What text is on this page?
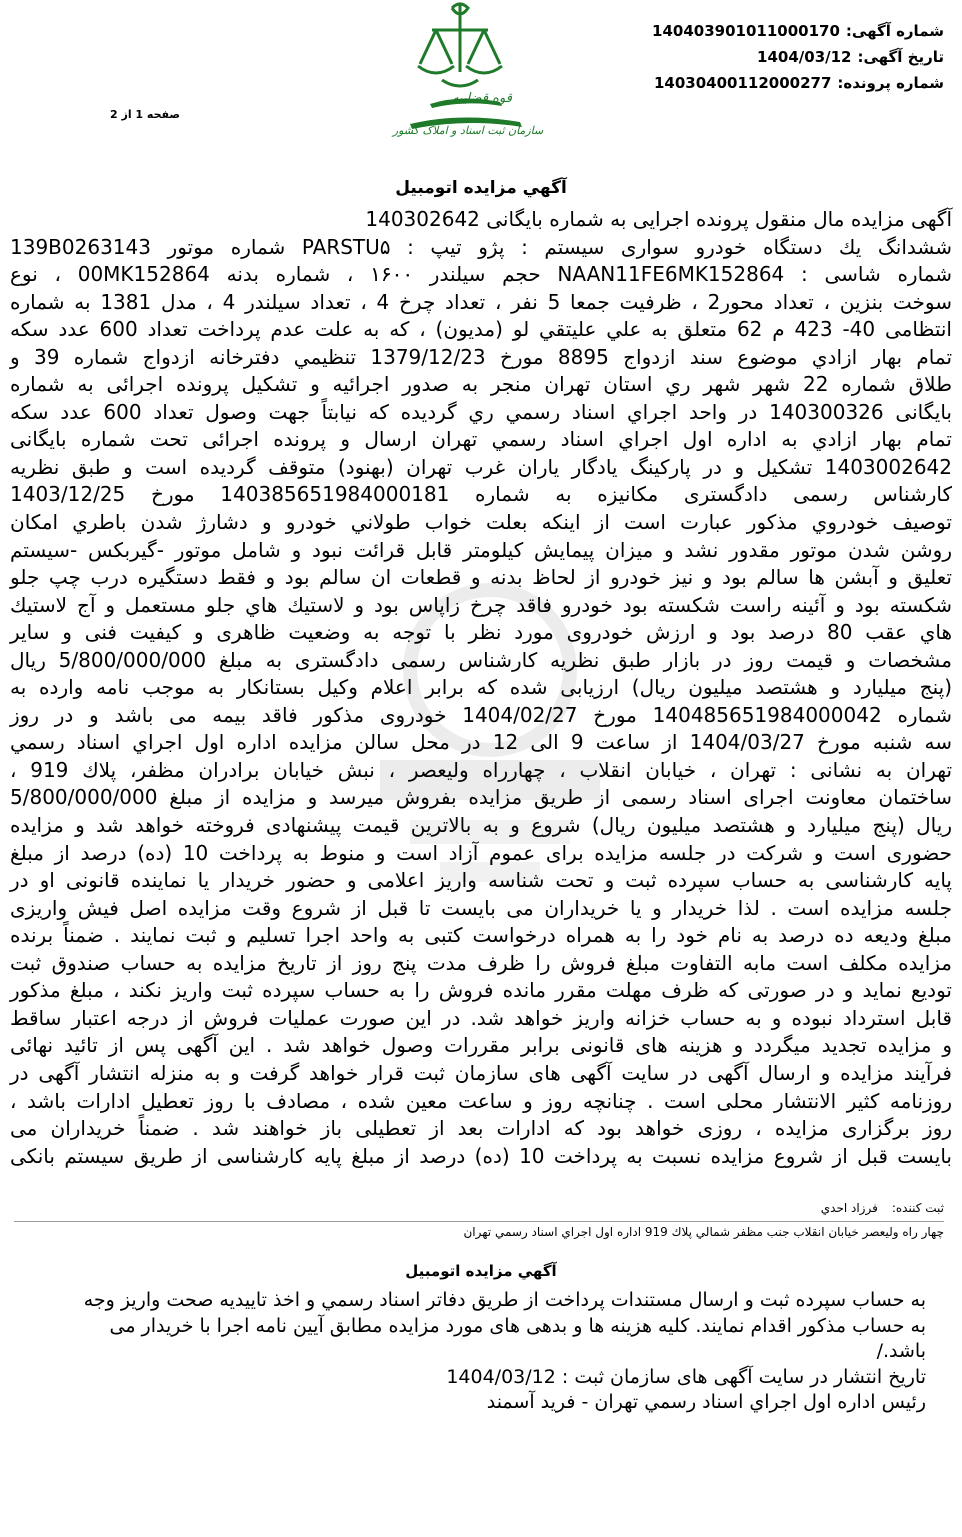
شماره آگهی:
14040390101100017​0
تاریخ آگهی:
1404/03/12
شماره پرونده:
14030400112000277
قوه قضاييه
سازمان ثبت اسناد و املاک کشور
صفحه 1 از 2
آگهي مزايده اتومبيل
آگهی مزایده مال منقول پرونده اجرایی به شماره بایگانی 140302642
ششدانگ يك دستگاه خودرو سواری سیستم : پژو تیپ : PARSTU۵ شماره موتور 139B0263143
شماره شاسی : NAAN11FE6MK152864 حجم سیلندر ۱۶۰۰ ، شماره بدنه 00MK152864 ، نوع
سوخت بنزین ، تعداد محور2 ، ظرفیت جمعا 5 نفر ، تعداد چرخ 4 ، تعداد سیلندر 4 ، مدل 1381 به شماره
انتظامی 40- 423 م 62 متعلق به علي عليتقي لو (مديون) ، كه به علت عدم پرداخت تعداد 600 عدد سكه
تمام بهار ازادي موضوع سند ازدواج 8895 مورخ 1379/12/23 تنظيمي دفترخانه ازدواج شماره 39 و
طلاق شماره 22 شهر شهر ري استان تهران منجر به صدور اجرائيه و تشكيل پرونده اجرائی به شماره
بایگانی 140300326 در واحد اجراي اسناد رسمي ري گرديده كه نيابتاً جهت وصول تعداد 600 عدد سكه
تمام بهار ازادي به اداره اول اجراي اسناد رسمي تهران ارسال و پرونده اجرائی تحت شماره بایگانی
1403002642 تشكيل و در پاركينگ يادگار ياران غرب تهران (بهنود) متوقف گرديده است و طبق نظريه
كارشناس رسمی دادگستری مكانيزه به شماره 14038565198400018​1 مورخ 1403/12/25
توصيف خودروي مذكور عبارت است از اينكه بعلت خواب طولاني خودرو و دشارژ شدن باطري امكان
روشن شدن موتور مقدور نشد و ميزان پيمايش كيلومتر قابل قرائت نبود و شامل موتور -گيربكس -سيستم
تعليق و آبشن ها سالم بود و نيز خودرو از لحاظ بدنه و قطعات ان سالم بود و فقط دستگيره درب چپ جلو
شكسته بود و آئينه راست شكسته بود خودرو فاقد چرخ زاپاس بود و لاستيك هاي جلو مستعمل و آج لاستيك
هاي عقب 80 درصد بود و ارزش خودروی مورد نظر با توجه به وضعيت ظاهری و كيفيت فنی و ساير
مشخصات و قيمت روز در بازار طبق نظريه كارشناس رسمی دادگستری به مبلغ 5/800/000/000 ريال
(پنج ميليارد و هشتصد ميليون ريال) ارزيابی شده كه برابر اعلام وكيل بستانكار به موجب نامه وارده به
شماره 14048565198400004​2 مورخ 1404/02/27 خودروی مذكور فاقد بيمه می باشد و در روز
سه شنبه مورخ 1404/03/27 از ساعت 9 الی 12 در محل سالن مزايده اداره اول اجراي اسناد رسمي
تهران به نشانی : تهران ، خيابان انقلاب ، چهارراه وليعصر ، نبش خيابان برادران مظفر، پلاك 919 ،
ساختمان معاونت اجرای اسناد رسمی از طريق مزايده بفروش ميرسد و مزايده از مبلغ 5/800/000/000
ريال (پنج ميليارد و هشتصد ميليون ريال) شروع و به بالاترين قيمت پيشنهادی فروخته خواهد شد و مزايده
حضوری است و شركت در جلسه مزايده برای عموم آزاد است و منوط به پرداخت 10 (ده) درصد از مبلغ
پايه كارشناسی به حساب سپرده ثبت و تحت شناسه واريز اعلامی و حضور خريدار يا نماينده قانونی او در
جلسه مزايده است . لذا خريدار و يا خريداران می بايست تا قبل از شروع وقت مزايده اصل فيش واريزی
مبلغ وديعه ده درصد به نام خود را به همراه درخواست كتبی به واحد اجرا تسليم و ثبت نمايند . ضمناً برنده
مزايده مكلف است مابه التفاوت مبلغ فروش را ظرف مدت پنج روز از تاريخ مزايده به حساب صندوق ثبت
توديع نمايد و در صورتی كه ظرف مهلت مقرر مانده فروش را به حساب سپرده ثبت واريز نكند ، مبلغ مذكور
قابل استرداد نبوده و به حساب خزانه واريز خواهد شد. در اين صورت عمليات فروش از درجه اعتبار ساقط
و مزايده تجديد ميگردد و هزينه های قانونی برابر مقررات وصول خواهد شد . اين آگهی پس از تائيد نهائی
فرآيند مزايده و ارسال آگهی در سايت آگهی های سازمان ثبت قرار خواهد گرفت و به منزله انتشار آگهی در
روزنامه كثير الانتشار محلی است . چنانچه روز و ساعت معين شده ، مصادف با روز تعطيل ادارات باشد ،
روز برگزاری مزايده ، روزی خواهد بود كه ادارات بعد از تعطيلی باز خواهند شد . ضمناً خريداران می
بايست قبل از شروع مزايده نسبت به پرداخت 10 (ده) درصد از مبلغ پايه كارشناسی از طريق سيستم بانكی
ثبت كننده:
فرزاد احدي
چهار راه وليعصر خيابان انقلاب جنب مظفر شمالي پلاك 919 اداره اول اجراي اسناد رسمي تهران
آگهي مزايده اتومبيل
به حساب سپرده ثبت و ارسال مستندات پرداخت از طريق دفاتر اسناد رسمي و اخذ تاييديه صحت واريز وجه
به حساب مذكور اقدام نمايند. كليه هزينه ها و بدهی های مورد مزايده مطابق آيين نامه اجرا با خريدار می
باشد./
تاريخ انتشار در سايت آگهی های سازمان ثبت : 1404/03/12
رئيس اداره اول اجراي اسناد رسمي تهران - فريد آسمند
